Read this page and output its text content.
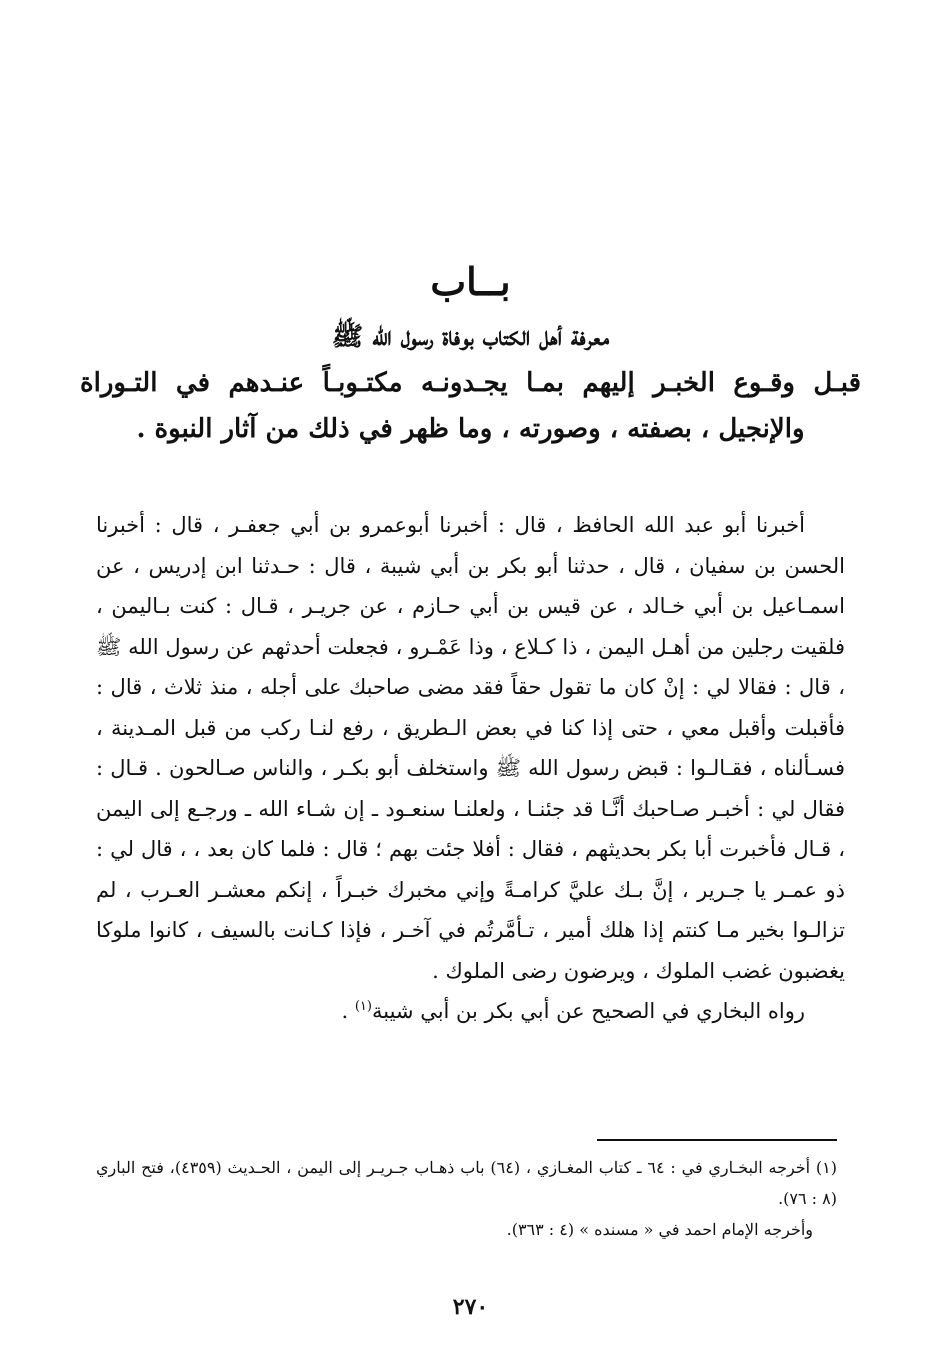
بــاب

معرفة أهل الكتاب بوفاة رسول الله ﷺ

قبـل وقـوع الخبـر إليهم بمـا يجـدونـه مكتـوبـاً عنـدهم في التـوراة والإنجيل ، بصفته ، وصورته ، وما ظهر في ذلك من آثار النبوة .

أخبرنا أبو عبد الله الحافظ ، قال : أخبرنا أبوعمرو بن أبي جعفـر ، قال : أخبرنا الحسن بن سفيان ، قال ، حدثنا أبو بكر بن أبي شيبة ، قال : حـدثنا ابن إدريس ، عن اسمـاعيل بن أبي خـالد ، عن قيس بن أبي حـازم ، عن جريـر ، قـال : كنت بـاليمن ، فلقيت رجلين من أهـل اليمن ، ذا كـلاع ، وذا عَمْـرو ، فجعلت أحدثهم عن رسول الله ﷺ ، قال : فقالا لي : إنْ كان ما تقول حقاً فقد مضى صاحبك على أجله ، منذ ثلاث ، قال : فأقبلت وأقبل معي ، حتى إذا كنا في بعض الـطريق ، رفع لنـا ركب من قبل المـدينة ، فسـألناه ، فقـالـوا : قبض رسول الله ﷺ واستخلف أبو بكـر ، والناس صـالحون . قـال : فقال لي : أخبـر صـاحبك أنَّـا قد جئنـا ، ولعلنـا سنعـود ـ إن شـاء الله ـ ورجـع إلى اليمن ، قـال فأخبرت أبا بكر بحديثهم ، فقال : أفلا جئت بهم ؛ قال : فلما كان بعد ، ، قال لي : ذو عمـر يا جـرير ، إنَّ بـك عليَّ كرامـةً وإني مخبرك خبـراً ، إنكم معشـر العـرب ، لم تزالـوا بخير مـا كنتم إذا هلك أمير ، تـأمَّرتُم في آخـر ، فإذا كـانت بالسيف ، كانوا ملوكا يغضبون غضب الملوك ، ويرضون رضى الملوك .

رواه البخاري في الصحيح عن أبي بكر بن أبي شيبة$^{(١)}$ .

(١) أخرجه البخـاري في : ٦٤ ـ كتاب المغـازي ، (٦٤) باب ذهـاب جـريـر إلى اليمن ، الحـديث (٤٣٥٩)، فتح الباري (٨ : ٧٦).

وأخرجه الإمام احمد في « مسنده » (٤ : ٣٦٣).

٢٧٠
